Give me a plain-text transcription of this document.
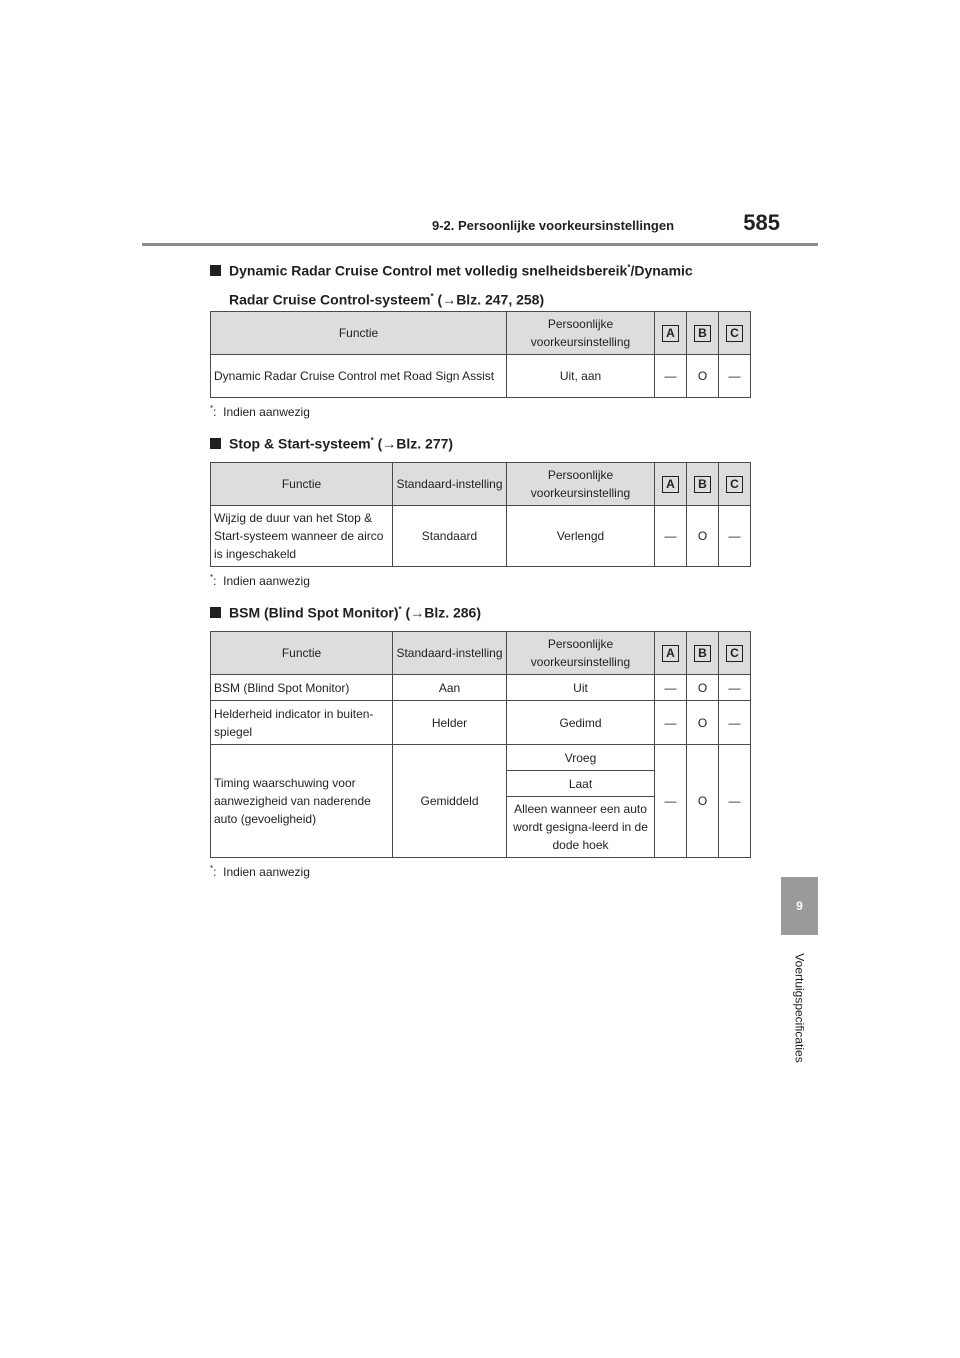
9-2. Persoonlijke voorkeursinstellingen	585
9
Voertuigspecificaties
Dynamic Radar Cruise Control met volledig snelheidsbereik*/Dynamic
Radar Cruise Control-systeem* (→Blz. 247, 258)
Functie	Persoonlijke voorkeursinstelling	A	B	C
Dynamic Radar Cruise Control met Road Sign Assist	Uit, aan	—	O	—
*:  Indien aanwezig
Stop & Start-systeem* (→Blz. 277)
Functie	Standaard-instelling	Persoonlijke voorkeursinstelling	A	B	C
Wijzig de duur van het Stop & Start-systeem wanneer de airco is ingeschakeld	Standaard	Verlengd	—	O	—
*:  Indien aanwezig
BSM (Blind Spot Monitor)* (→Blz. 286)
Functie	Standaard-instelling	Persoonlijke voorkeursinstelling	A	B	C
BSM (Blind Spot Monitor)	Aan	Uit	—	O	—
Helderheid indicator in buiten-spiegel	Helder	Gedimd	—	O	—
Timing waarschuwing voor aanwezigheid van naderende auto (gevoeligheid)	Gemiddeld	Vroeg	—	O	—
		Laat			
		Alleen wanneer een auto wordt gesigna-leerd in de dode hoek			
*:  Indien aanwezig
